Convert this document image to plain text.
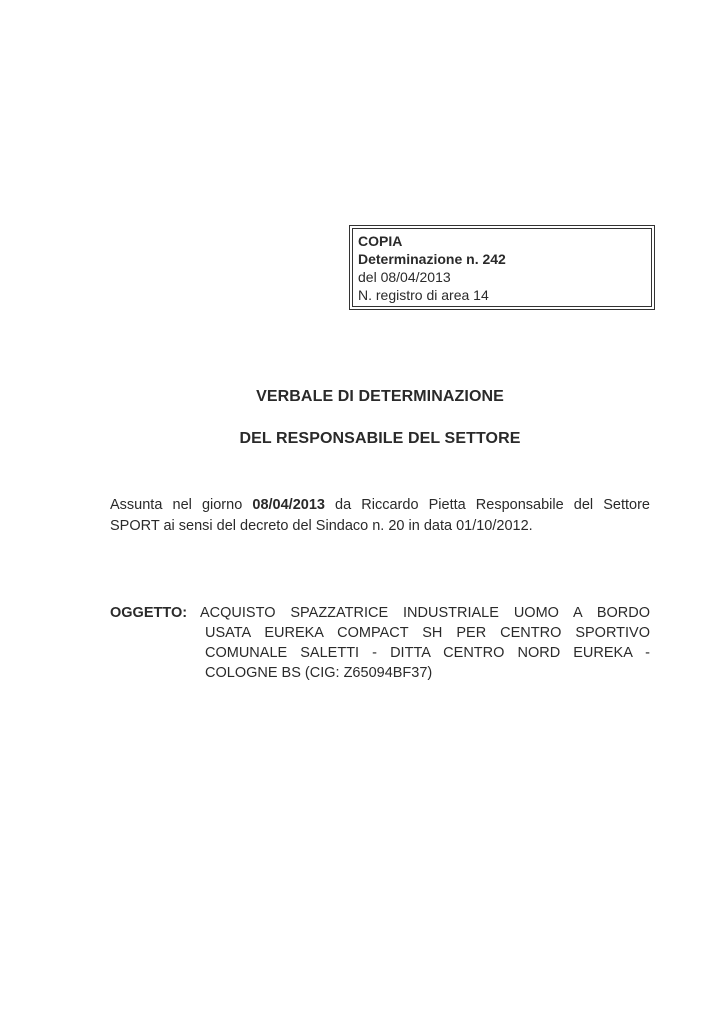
COPIA
Determinazione n. 242
del 08/04/2013
N. registro di area 14
VERBALE DI DETERMINAZIONE
DEL RESPONSABILE DEL SETTORE
Assunta nel giorno 08/04/2013 da Riccardo Pietta Responsabile del Settore
SPORT ai sensi del decreto del Sindaco n. 20 in data 01/10/2012.
OGGETTO: ACQUISTO SPAZZATRICE INDUSTRIALE UOMO A BORDO
USATA EUREKA COMPACT SH PER CENTRO SPORTIVO
COMUNALE SALETTI - DITTA CENTRO NORD EUREKA -
COLOGNE BS (CIG: Z65094BF37)
